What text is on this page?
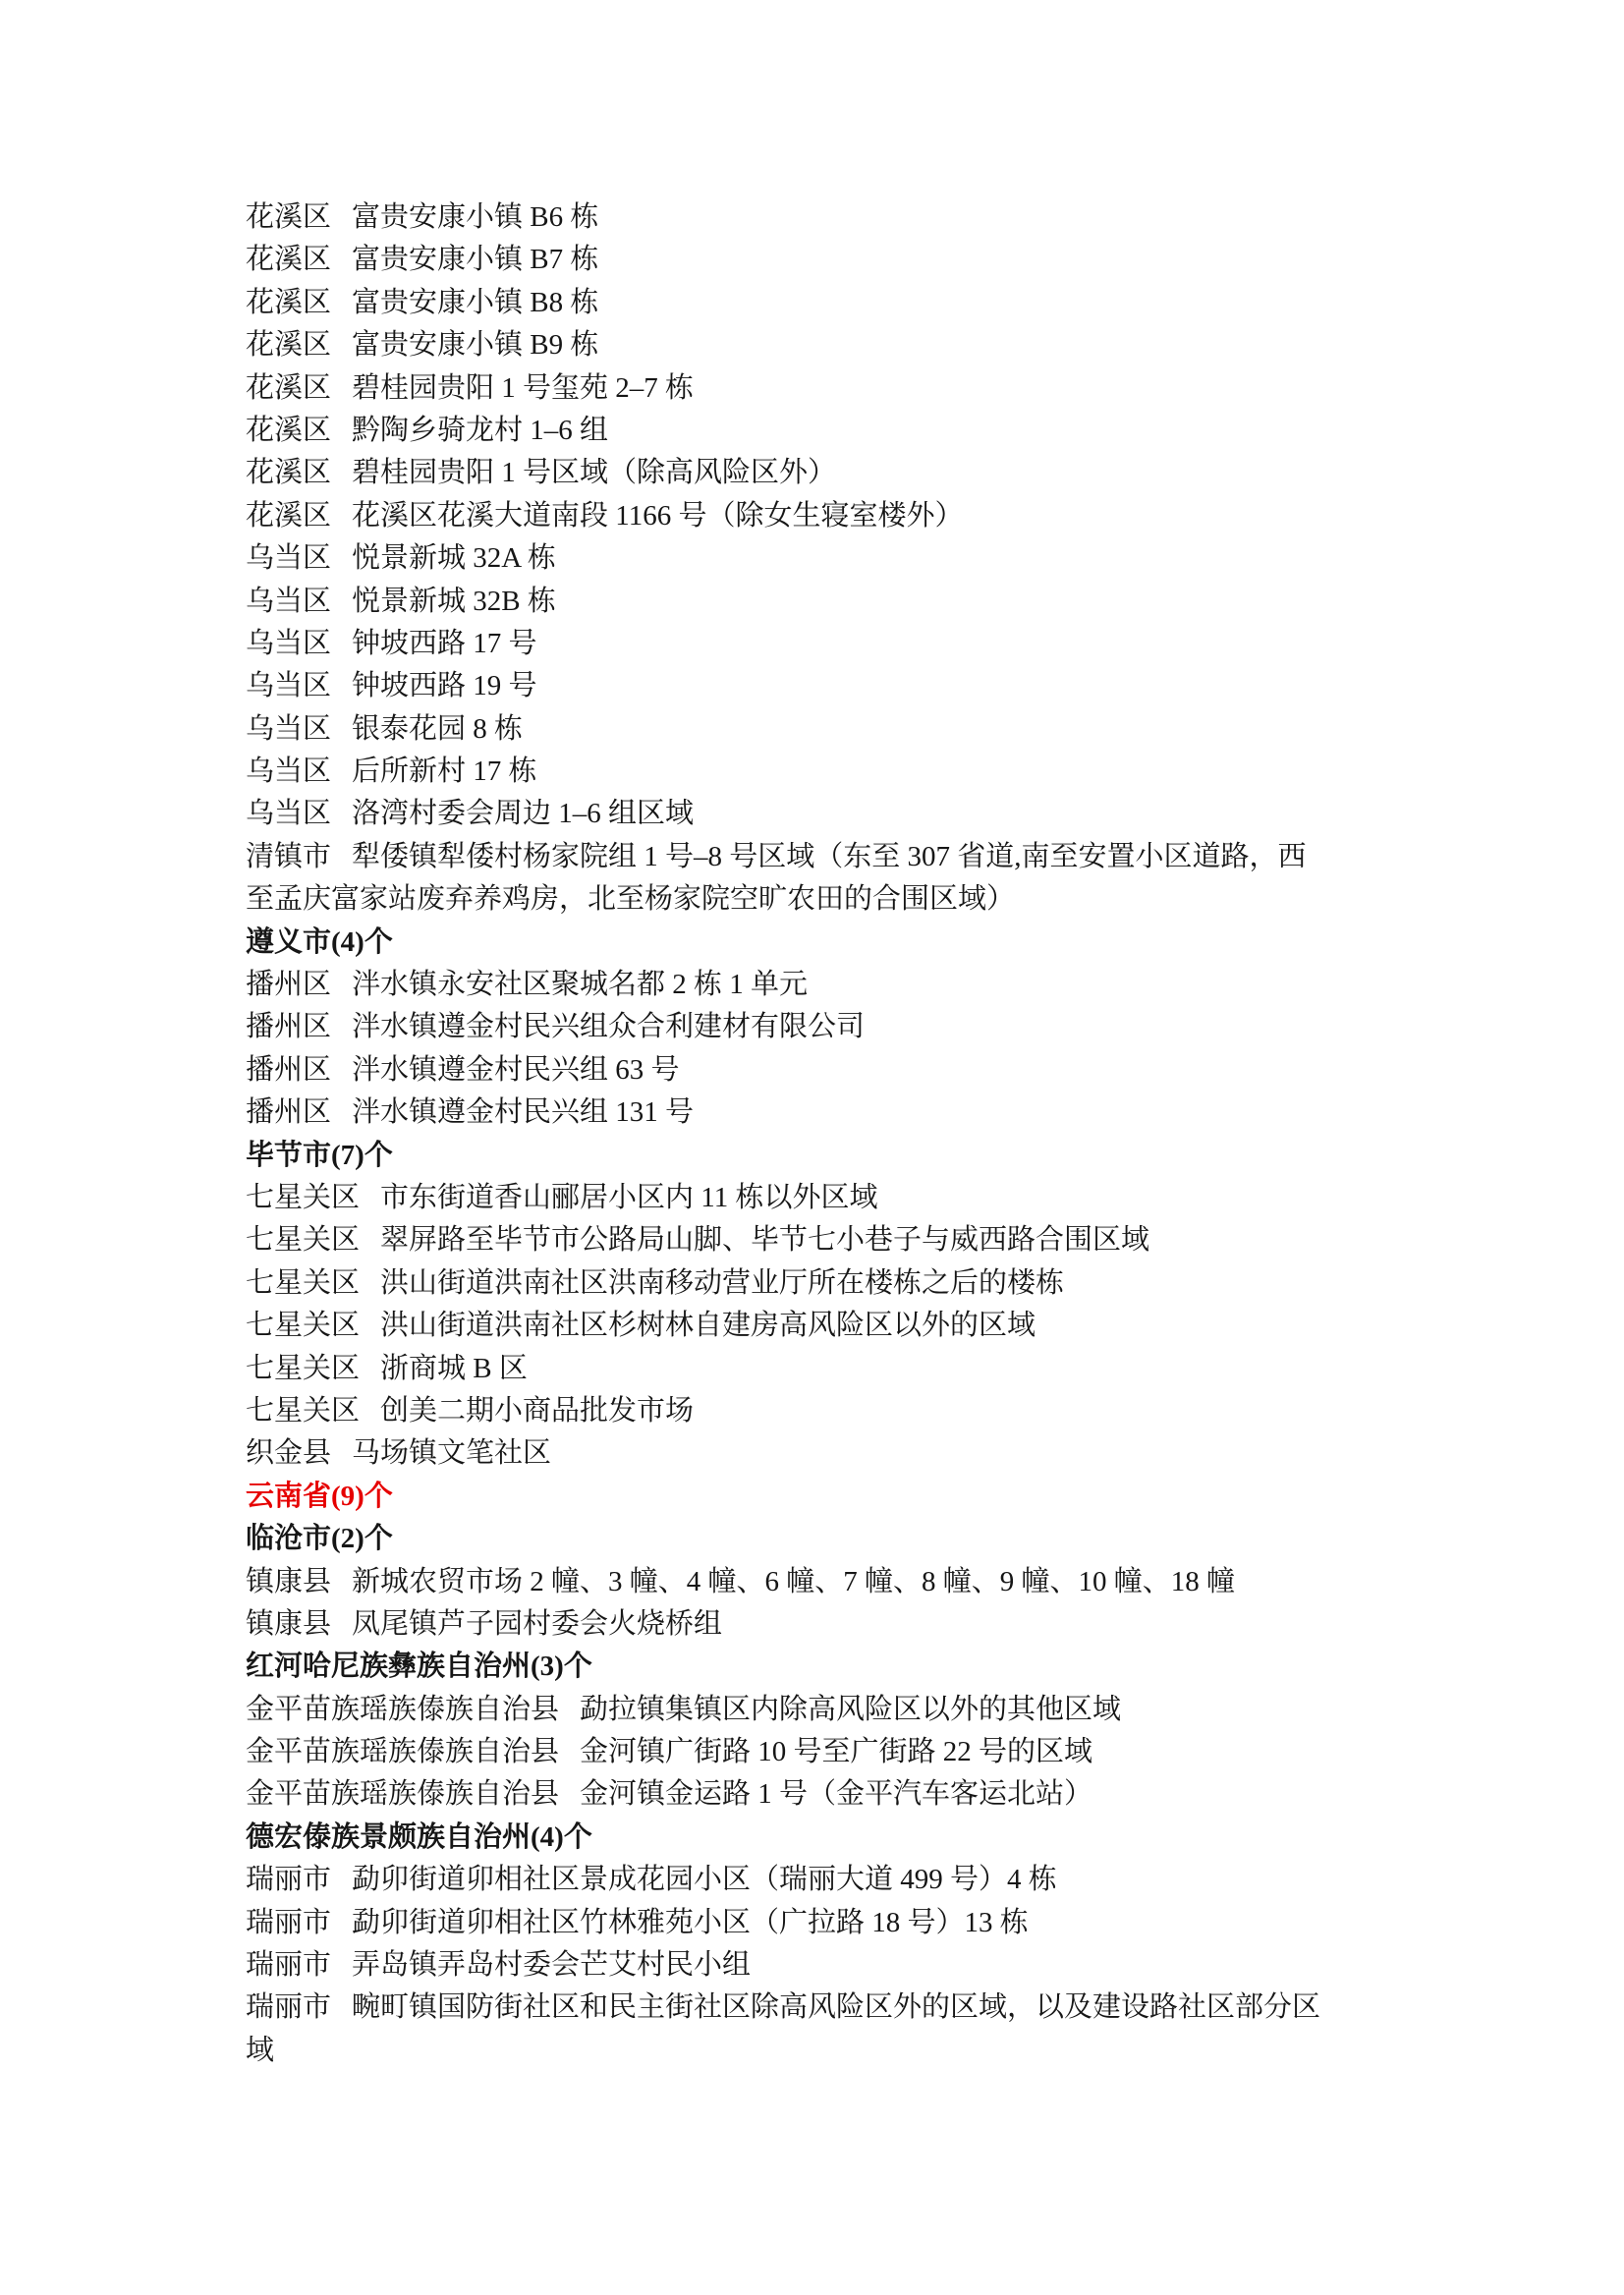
花溪区 富贵安康小镇 B6 栋
花溪区 富贵安康小镇 B7 栋
花溪区 富贵安康小镇 B8 栋
花溪区 富贵安康小镇 B9 栋
花溪区 碧桂园贵阳 1 号玺苑 2–7 栋
花溪区 黔陶乡骑龙村 1–6 组
花溪区 碧桂园贵阳 1 号区域（除高风险区外）
花溪区 花溪区花溪大道南段 1166 号（除女生寝室楼外）
乌当区 悦景新城 32A 栋
乌当区 悦景新城 32B 栋
乌当区 钟坡西路 17 号
乌当区 钟坡西路 19 号
乌当区 银泰花园 8 栋
乌当区 后所新村 17 栋
乌当区 洛湾村委会周边 1–6 组区域
清镇市 犁倭镇犁倭村杨家院组 1 号–8 号区域（东至 307 省道,南至安置小区道路，西
至孟庆富家站废弃养鸡房，北至杨家院空旷农田的合围区域）
遵义市(4)个
播州区 泮水镇永安社区聚城名都 2 栋 1 单元
播州区 泮水镇遵金村民兴组众合利建材有限公司
播州区 泮水镇遵金村民兴组 63 号
播州区 泮水镇遵金村民兴组 131 号
毕节市(7)个
七星关区 市东街道香山郦居小区内 11 栋以外区域
七星关区 翠屏路至毕节市公路局山脚、毕节七小巷子与威西路合围区域
七星关区 洪山街道洪南社区洪南移动营业厅所在楼栋之后的楼栋
七星关区 洪山街道洪南社区杉树林自建房高风险区以外的区域
七星关区 浙商城 B 区
七星关区 创美二期小商品批发市场
织金县 马场镇文笔社区
云南省(9)个
临沧市(2)个
镇康县 新城农贸市场 2 幢、3 幢、4 幢、6 幢、7 幢、8 幢、9 幢、10 幢、18 幢
镇康县 凤尾镇芦子园村委会火烧桥组
红河哈尼族彝族自治州(3)个
金平苗族瑶族傣族自治县 勐拉镇集镇区内除高风险区以外的其他区域
金平苗族瑶族傣族自治县 金河镇广街路 10 号至广街路 22 号的区域
金平苗族瑶族傣族自治县 金河镇金运路 1 号（金平汽车客运北站）
德宏傣族景颇族自治州(4)个
瑞丽市 勐卯街道卯相社区景成花园小区（瑞丽大道 499 号）4 栋
瑞丽市 勐卯街道卯相社区竹林雅苑小区（广拉路 18 号）13 栋
瑞丽市 弄岛镇弄岛村委会芒艾村民小组
瑞丽市 畹町镇国防街社区和民主街社区除高风险区外的区域，以及建设路社区部分区
域
